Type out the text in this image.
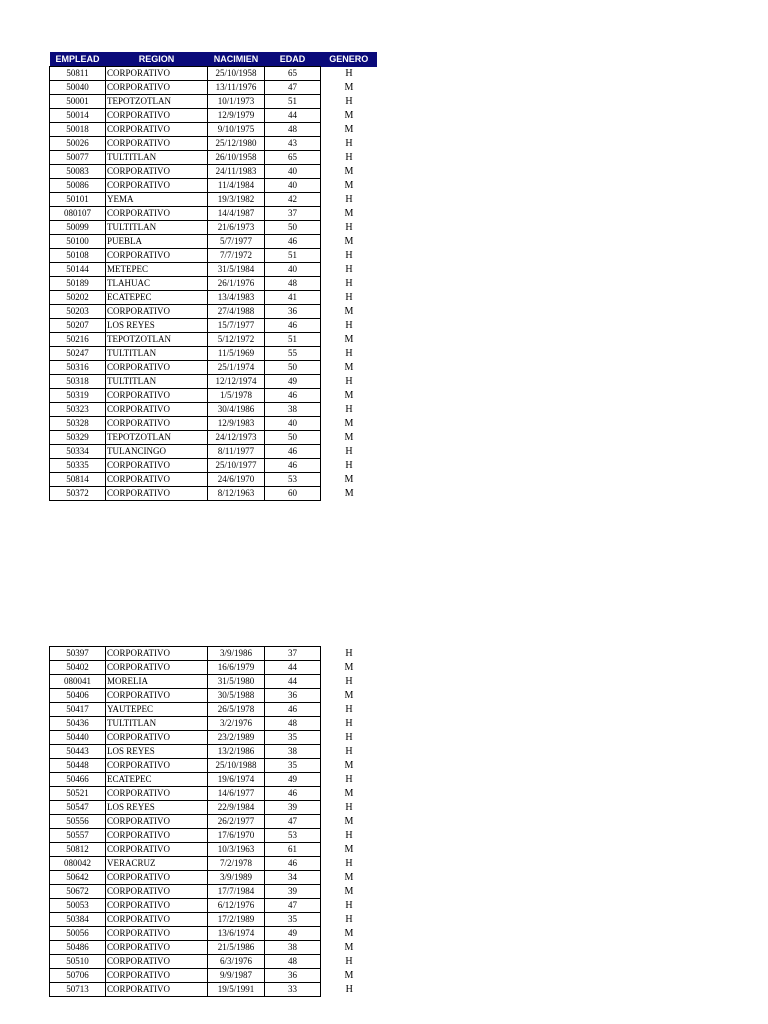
EMPLEAD	REGION	NACIMIEN	EDAD	GENERO
50811	CORPORATIVO	25/10/1958	65	H
50040	CORPORATIVO	13/11/1976	47	M
50001	TEPOTZOTLAN	10/1/1973	51	H
50014	CORPORATIVO	12/9/1979	44	M
50018	CORPORATIVO	9/10/1975	48	M
50026	CORPORATIVO	25/12/1980	43	H
50077	TULTITLAN	26/10/1958	65	H
50083	CORPORATIVO	24/11/1983	40	M
50086	CORPORATIVO	11/4/1984	40	M
50101	YEMA	19/3/1982	42	H
080107	CORPORATIVO	14/4/1987	37	M
50099	TULTITLAN	21/6/1973	50	H
50100	PUEBLA	5/7/1977	46	M
50108	CORPORATIVO	7/7/1972	51	H
50144	METEPEC	31/5/1984	40	H
50189	TLAHUAC	26/1/1976	48	H
50202	ECATEPEC	13/4/1983	41	H
50203	CORPORATIVO	27/4/1988	36	M
50207	LOS REYES	15/7/1977	46	H
50216	TEPOTZOTLAN	5/12/1972	51	M
50247	TULTITLAN	11/5/1969	55	H
50316	CORPORATIVO	25/1/1974	50	M
50318	TULTITLAN	12/12/1974	49	H
50319	CORPORATIVO	1/5/1978	46	M
50323	CORPORATIVO	30/4/1986	38	H
50328	CORPORATIVO	12/9/1983	40	M
50329	TEPOTZOTLAN	24/12/1973	50	M
50334	TULANCINGO	8/11/1977	46	H
50335	CORPORATIVO	25/10/1977	46	H
50814	CORPORATIVO	24/6/1970	53	M
50372	CORPORATIVO	8/12/1963	60	M
50397	CORPORATIVO	3/9/1986	37	H
50402	CORPORATIVO	16/6/1979	44	M
080041	MORELIA	31/5/1980	44	H
50406	CORPORATIVO	30/5/1988	36	M
50417	YAUTEPEC	26/5/1978	46	H
50436	TULTITLAN	3/2/1976	48	H
50440	CORPORATIVO	23/2/1989	35	H
50443	LOS REYES	13/2/1986	38	H
50448	CORPORATIVO	25/10/1988	35	M
50466	ECATEPEC	19/6/1974	49	H
50521	CORPORATIVO	14/6/1977	46	M
50547	LOS REYES	22/9/1984	39	H
50556	CORPORATIVO	26/2/1977	47	M
50557	CORPORATIVO	17/6/1970	53	H
50812	CORPORATIVO	10/3/1963	61	M
080042	VERACRUZ	7/2/1978	46	H
50642	CORPORATIVO	3/9/1989	34	M
50672	CORPORATIVO	17/7/1984	39	M
50053	CORPORATIVO	6/12/1976	47	H
50384	CORPORATIVO	17/2/1989	35	H
50056	CORPORATIVO	13/6/1974	49	M
50486	CORPORATIVO	21/5/1986	38	M
50510	CORPORATIVO	6/3/1976	48	H
50706	CORPORATIVO	9/9/1987	36	M
50713	CORPORATIVO	19/5/1991	33	H
